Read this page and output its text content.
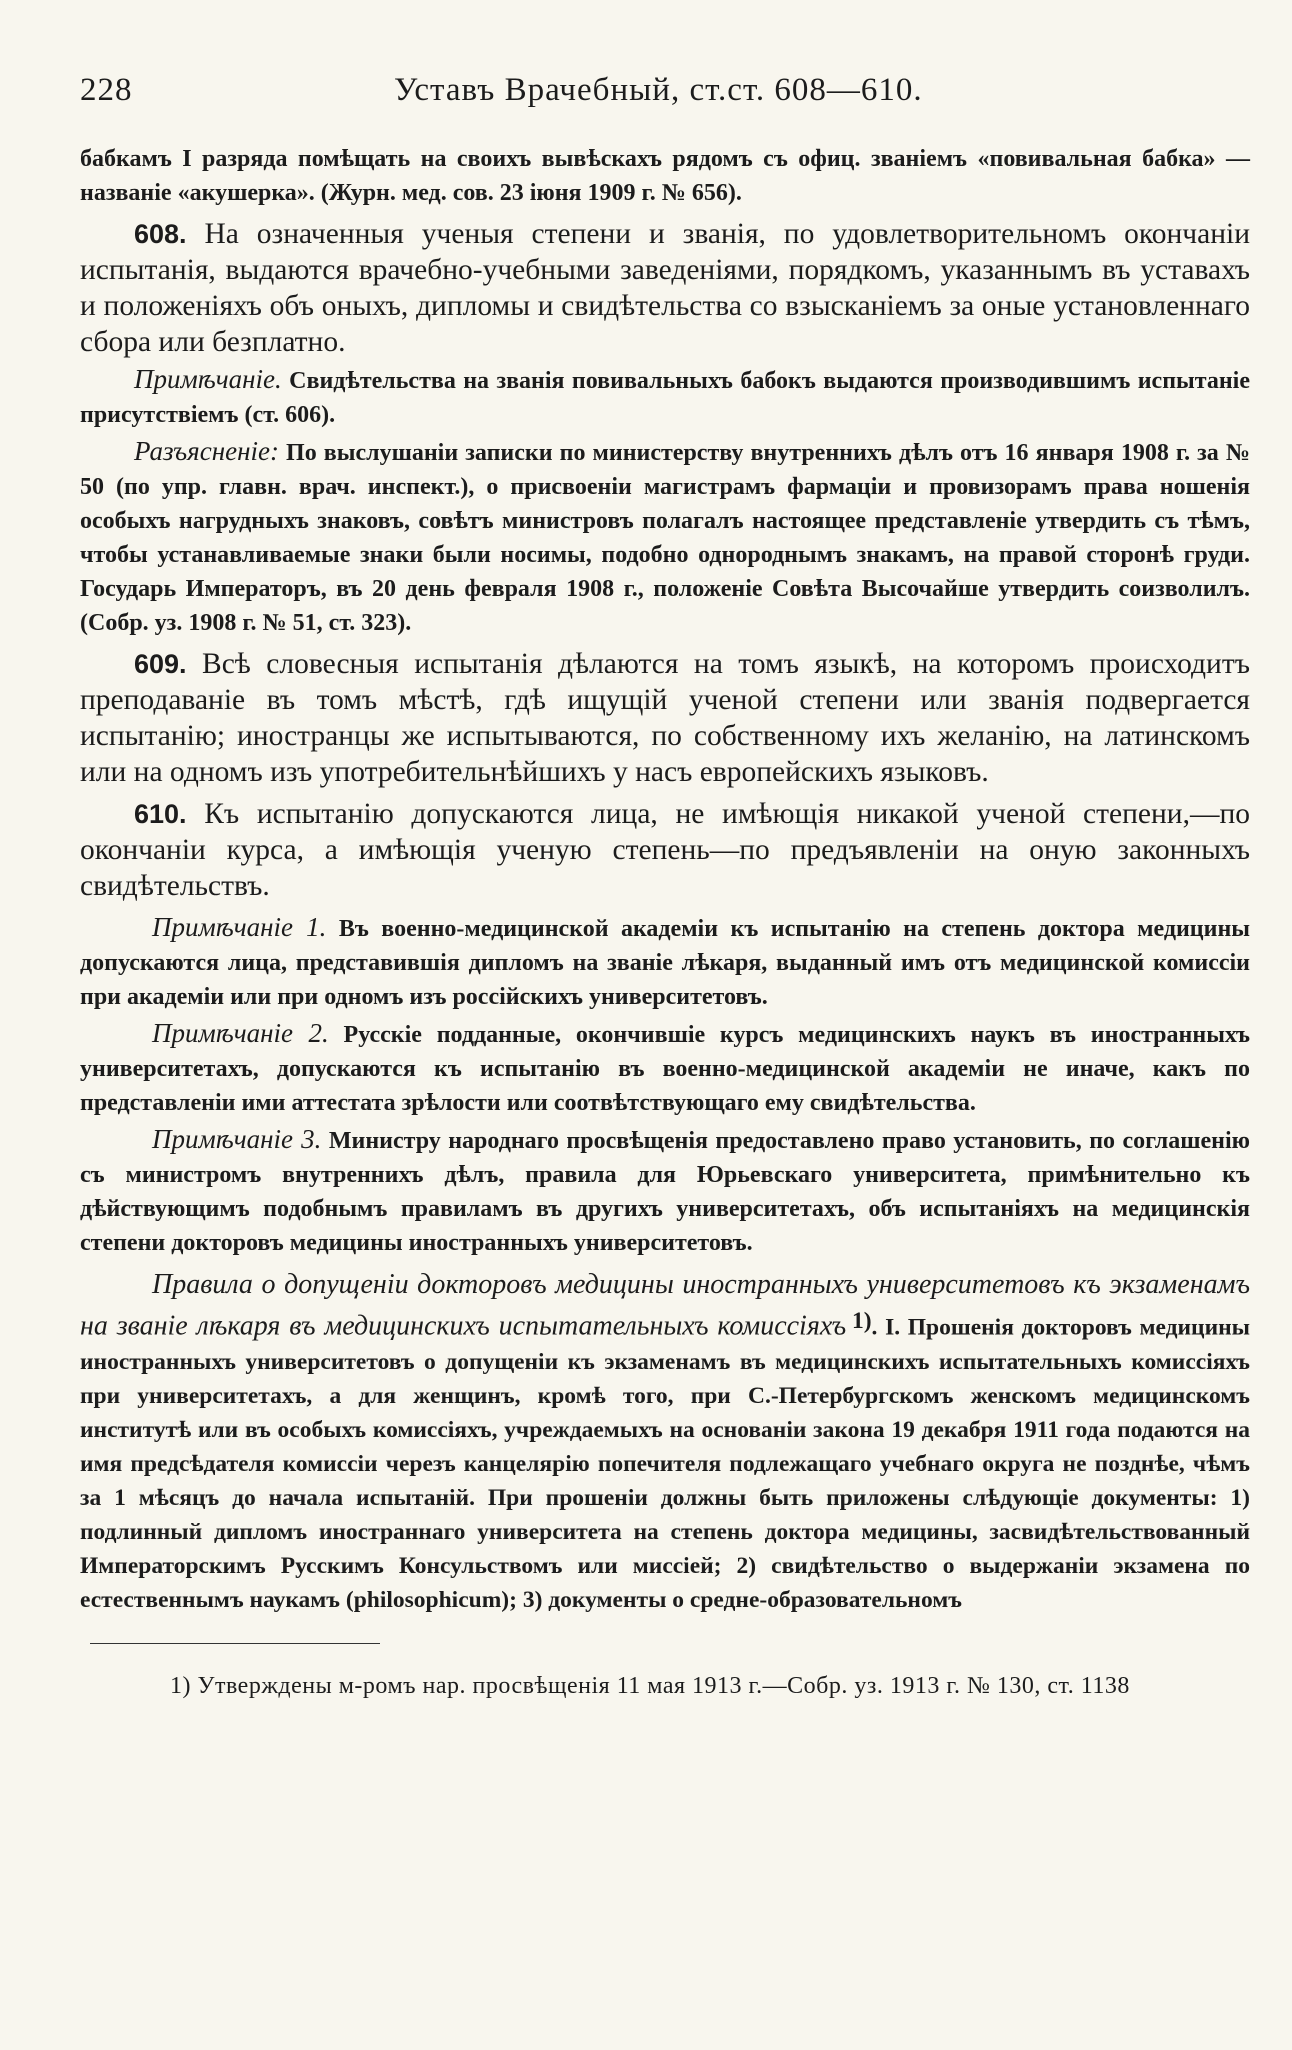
228	Уставъ Врачебный, ст.ст. 608—610.

бабкамъ I разряда помѣщать на своихъ вывѣскахъ рядомъ съ офиц. званіемъ «повивальная бабка» — названіе «акушерка». (Журн. мед. сов. 23 іюня 1909 г. № 656).

608. На означенныя ученыя степени и званія, по удовлетворительномъ окончаніи испытанія, выдаются врачебно-учебными заведеніями, порядкомъ, указаннымъ въ уставахъ и положеніяхъ объ оныхъ, дипломы и свидѣтельства со взысканіемъ за оные установленнаго сбора или безплатно.

Примѣчаніе. Свидѣтельства на званія повивальныхъ бабокъ выдаются производившимъ испытаніе присутствіемъ (ст. 606).

Разъясненіе: По выслушаніи записки по министерству внутреннихъ дѣлъ отъ 16 января 1908 г. за № 50 (по упр. главн. врач. инспект.), о присвоеніи магистрамъ фармаціи и провизорамъ права ношенія особыхъ нагрудныхъ знаковъ, совѣтъ министровъ полагалъ настоящее представленіе утвердить съ тѣмъ, чтобы устанавливаемые знаки были носимы, подобно однороднымъ знакамъ, на правой сторонѣ груди. Государь Императоръ, въ 20 день февраля 1908 г., положеніе Совѣта Высочайше утвердить соизволилъ. (Собр. уз. 1908 г. № 51, ст. 323).

609. Всѣ словесныя испытанія дѣлаются на томъ языкѣ, на которомъ происходитъ преподаваніе въ томъ мѣстѣ, гдѣ ищущій ученой степени или званія подвергается испытанію; иностранцы же испытываются, по собственному ихъ желанію, на латинскомъ или на одномъ изъ употребительнѣйшихъ у насъ европейскихъ языковъ.

610. Къ испытанію допускаются лица, не имѣющія никакой ученой степени,—по окончаніи курса, а имѣющія ученую степень—по предъявленіи на оную законныхъ свидѣтельствъ.

Примѣчаніе 1. Въ военно-медицинской академіи къ испытанію на степень доктора медицины допускаются лица, представившія дипломъ на званіе лѣкаря, выданный имъ отъ медицинской комиссіи при академіи или при одномъ изъ россійскихъ университетовъ.

Примѣчаніе 2. Русскіе подданные, окончившіе курсъ медицинскихъ наукъ въ иностранныхъ университетахъ, допускаются къ испытанію въ военно-медицинской академіи не иначе, какъ по представленіи ими аттестата зрѣлости или соотвѣтствующаго ему свидѣтельства.

Примѣчаніе 3. Министру народнаго просвѣщенія предоставлено право установить, по соглашенію съ министромъ внутреннихъ дѣлъ, правила для Юрьевскаго университета, примѣнительно къ дѣйствующимъ подобнымъ правиламъ въ другихъ университетахъ, объ испытаніяхъ на медицинскія степени докторовъ медицины иностранныхъ университетовъ.

Правила о допущеніи докторовъ медицины иностранныхъ университетовъ къ экзаменамъ на званіе лѣкаря въ медицинскихъ испытательныхъ комиссіяхъ $^{1)}$. I. Прошенія докторовъ медицины иностранныхъ университетовъ о допущеніи къ экзаменамъ въ медицинскихъ испытательныхъ комиссіяхъ при университетахъ, а для женщинъ, кромѣ того, при С.-Петербургскомъ женскомъ медицинскомъ институтѣ или въ особыхъ комиссіяхъ, учреждаемыхъ на основаніи закона 19 декабря 1911 года подаются на имя предсѣдателя комиссіи черезъ канцелярію попечителя подлежащаго учебнаго округа не позднѣе, чѣмъ за 1 мѣсяцъ до начала испытаній. При прошеніи должны быть приложены слѣдующіе документы: 1) подлинный дипломъ иностраннаго университета на степень доктора медицины, засвидѣтельствованный Императорскимъ Русскимъ Консульствомъ или миссіей; 2) свидѣтельство о выдержаніи экзамена по естественнымъ наукамъ (philosophicum); 3) документы о средне-образовательномъ

1) Утверждены м-ромъ нар. просвѣщенія 11 мая 1913 г.—Собр. уз. 1913 г. № 130, ст. 1138
